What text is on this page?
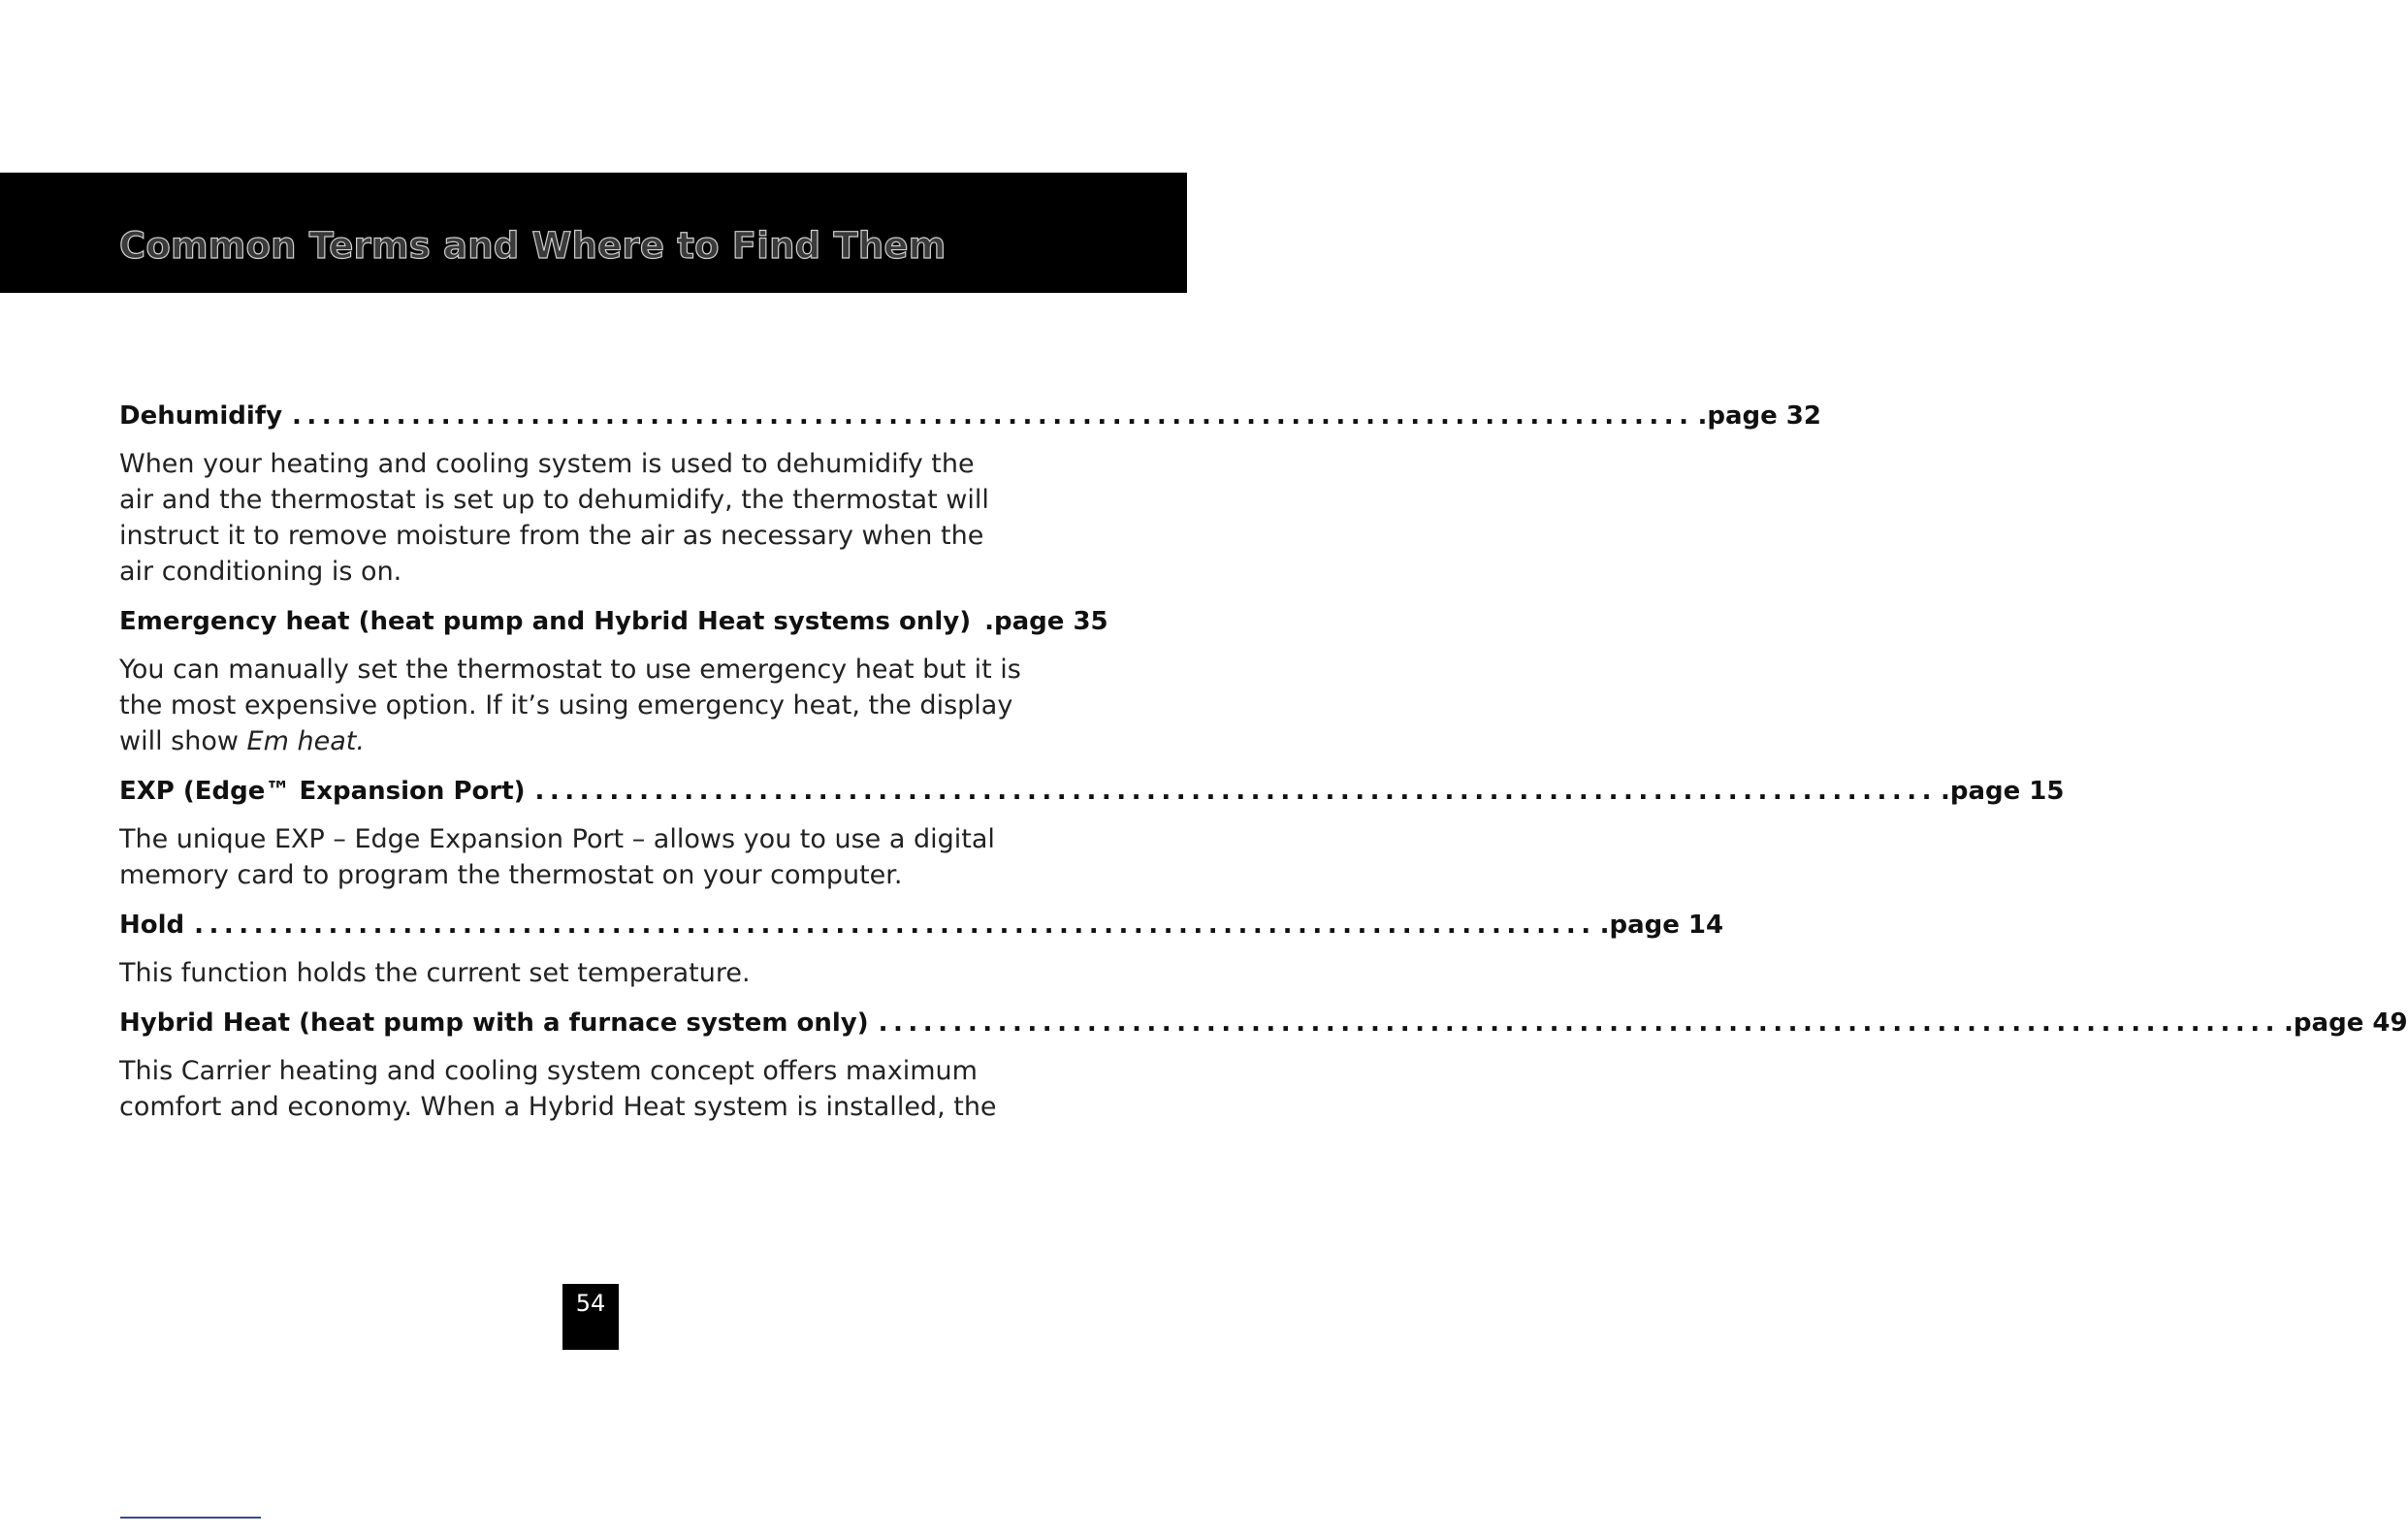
Common Terms and Where to Find Them
Dehumidify .............................................................................................. .page 32
When your heating and cooling system is used to dehumidify the
air and the thermostat is set up to dehumidify, the thermostat will
instruct it to remove moisture from the air as necessary when the
air conditioning is on.
Emergency heat (heat pump and Hybrid Heat systems only) .page 35
You can manually set the thermostat to use emergency heat but it is
the most expensive option. If it’s using emergency heat, the display
will show Em heat.
EXP (Edge™ Expansion Port) .............................................................................................. .page 15
The unique EXP – Edge Expansion Port – allows you to use a digital
memory card to program the thermostat on your computer.
Hold .............................................................................................. .page 14
This function holds the current set temperature.
Hybrid Heat (heat pump with a furnace system only) .............................................................................................. .page 49
This Carrier heating and cooling system concept offers maximum
comfort and economy. When a Hybrid Heat system is installed, the
54
